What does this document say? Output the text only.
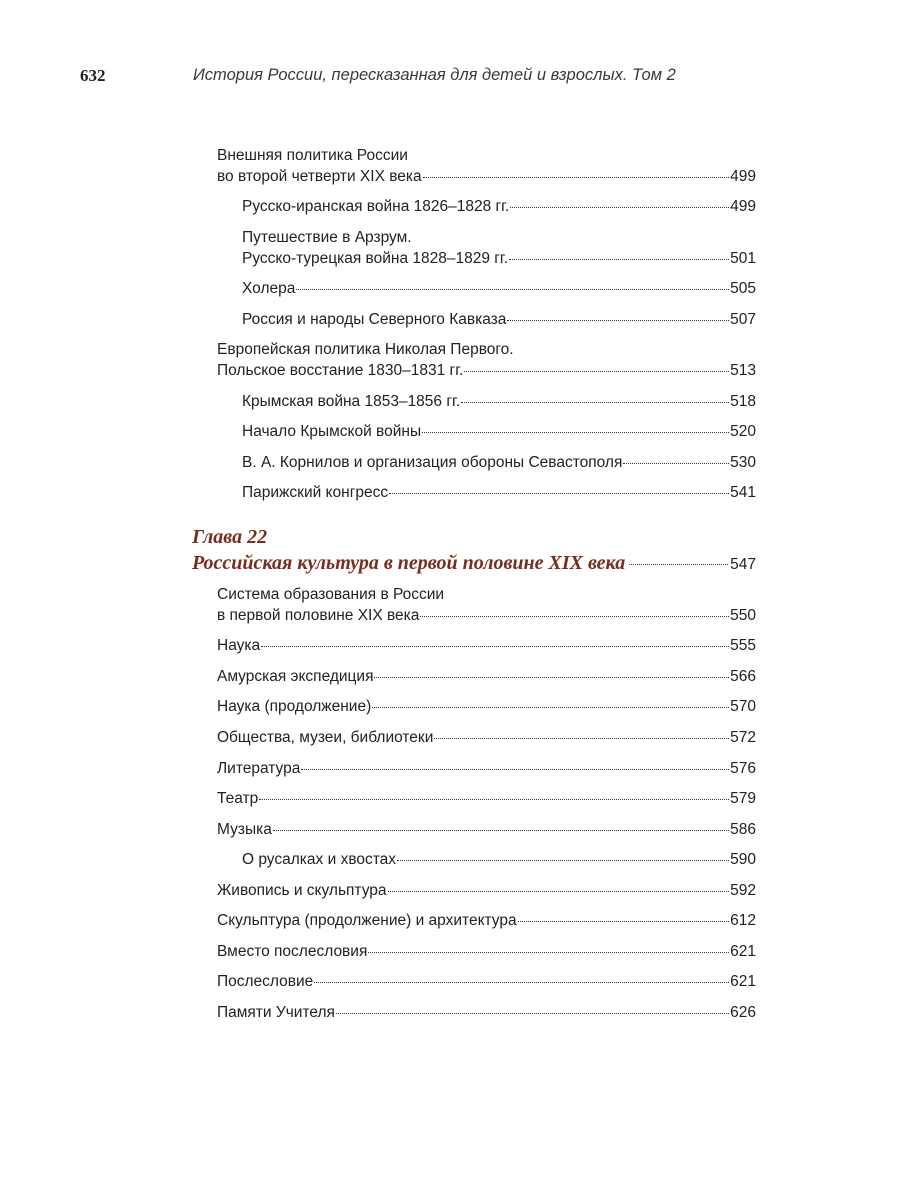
632	История России, пересказанная для детей и взрослых. Том 2
Внешняя политика России
во второй четверти XIX века	499
Русско-иранская война 1826–1828 гг.	499
Путешествие в Арзрум.
Русско-турецкая война 1828–1829 гг.	501
Холера	505
Россия и народы Северного Кавказа	507
Европейская политика Николая Первого.
Польское восстание 1830–1831 гг.	513
Крымская война 1853–1856 гг.	518
Начало Крымской войны	520
В. А. Корнилов и организация обороны Севастополя	530
Парижский конгресс	541
Глава 22
Российская культура в первой половине XIX века	547
Система образования в России
в первой половине XIX века	550
Наука	555
Амурская экспедиция	566
Наука (продолжение)	570
Общества, музеи, библиотеки	572
Литература	576
Театр	579
Музыка	586
О русалках и хвостах	590
Живопись и скульптура	592
Скульптура (продолжение) и архитектура	612
Вместо послесловия	621
Послесловие	621
Памяти Учителя	626
